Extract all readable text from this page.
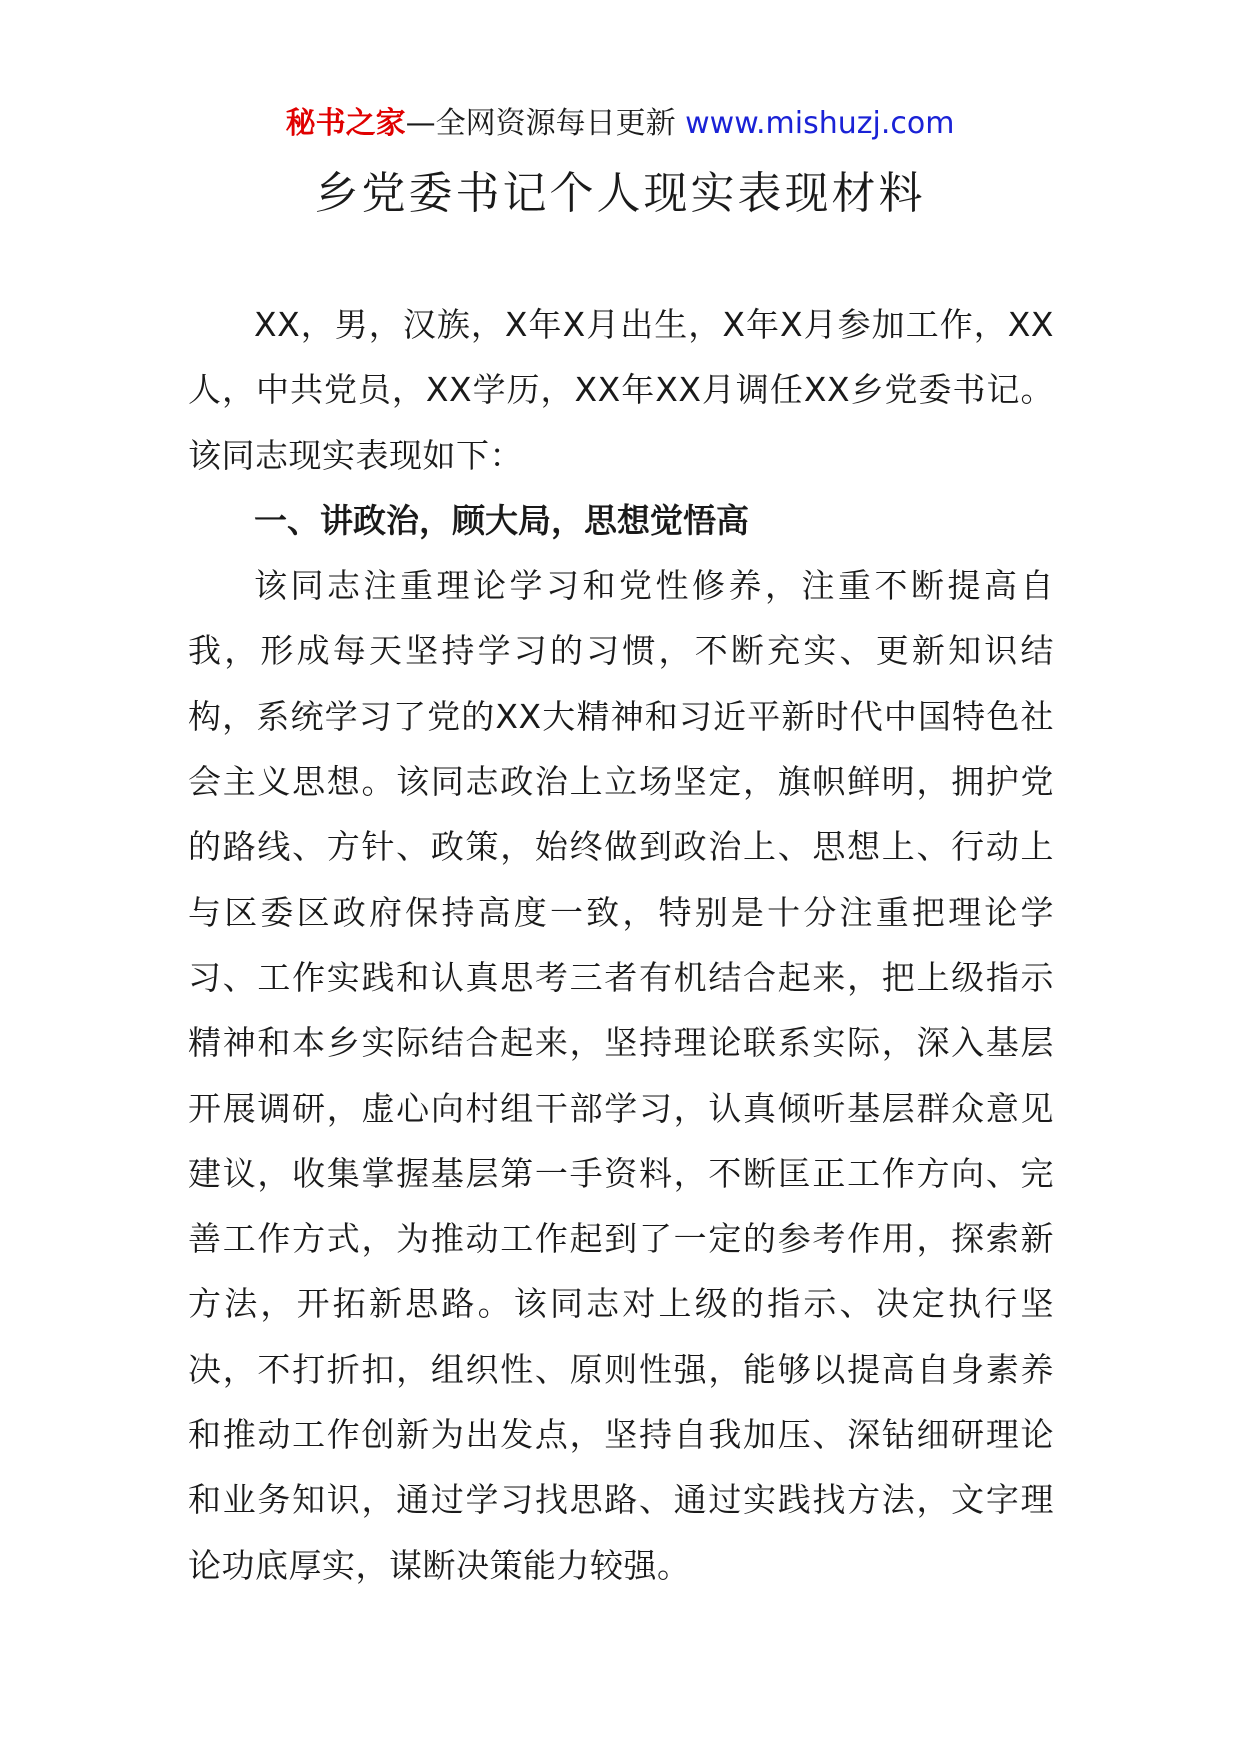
秘书之家—全网资源每日更新 www.mishuzj.com
乡党委书记个人现实表现材料

XX，男，汉族，X年X月出生，X年X月参加工作，XX人，中共党员，XX学历，XX年XX月调任XX乡党委书记。该同志现实表现如下：

一、讲政治，顾大局，思想觉悟高

该同志注重理论学习和党性修养，注重不断提高自我，形成每天坚持学习的习惯，不断充实、更新知识结构，系统学习了党的XX大精神和习近平新时代中国特色社会主义思想。该同志政治上立场坚定，旗帜鲜明，拥护党的路线、方针、政策，始终做到政治上、思想上、行动上与区委区政府保持高度一致，特别是十分注重把理论学习、工作实践和认真思考三者有机结合起来，把上级指示精神和本乡实际结合起来，坚持理论联系实际，深入基层开展调研，虚心向村组干部学习，认真倾听基层群众意见建议，收集掌握基层第一手资料，不断匡正工作方向、完善工作方式，为推动工作起到了一定的参考作用，探索新方法，开拓新思路。该同志对上级的指示、决定执行坚决，不打折扣，组织性、原则性强，能够以提高自身素养和推动工作创新为出发点，坚持自我加压、深钻细研理论和业务知识，通过学习找思路、通过实践找方法，文字理论功底厚实，谋断决策能力较强。
